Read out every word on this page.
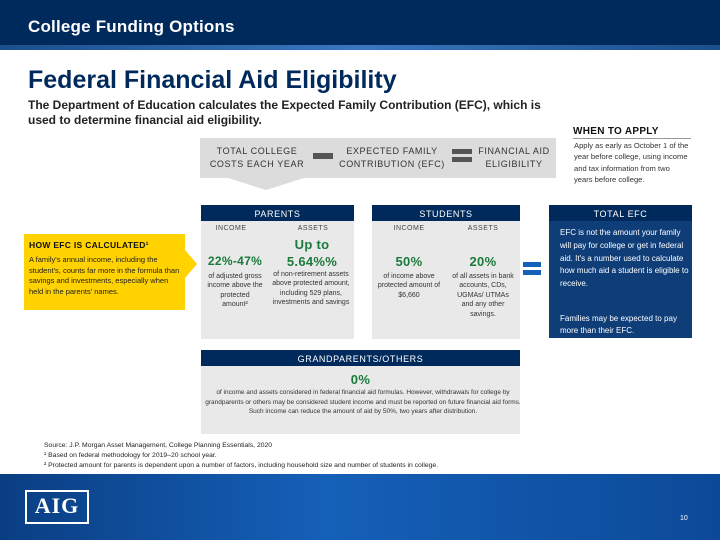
College Funding Options
Federal Financial Aid Eligibility
The Department of Education calculates the Expected Family Contribution (EFC), which is used to determine financial aid eligibility.
WHEN TO APPLY
Apply as early as October 1 of the year before college, using income and tax information from two years before college.
TOTAL COLLEGE COSTS EACH YEAR
EXPECTED FAMILY CONTRIBUTION (EFC)
FINANCIAL AID ELIGIBILITY
HOW EFC IS CALCULATED¹
A family's annual income, including the student's, counts far more in the formula than savings and investments, especially when held in the parents' names.
PARENTS
INCOME	ASSETS
22%-47%
of adjusted gross income above the protected amount²
Up to
5.64%%
of non-retirement assets above protected amount, including 529 plans, investments and savings
STUDENTS
INCOME	ASSETS
50%
of income above protected amount of $6,660
20%
of all assets in bank accounts, CDs, UGMAs/ UTMAs and any other savings.
TOTAL EFC
EFC is not the amount your family will pay for college or get in federal aid. It's a number used to calculate how much aid a student is eligible to receive.
Families may be expected to pay more than their EFC.
GRANDPARENTS/OTHERS
0%
of income and assets considered in federal financial aid formulas. However, withdrawals for college by grandparents or others may be considered student income and must be reported on future financial aid forms. Such income can reduce the amount of aid by 50%, two years after distribution.
Source: J.P. Morgan Asset Management, College Planning Essentials, 2020
¹ Based on federal methodology for 2019–20 school year.
² Protected amount for parents is dependent upon a number of factors, including household size and number of students in college.
AIG
10
